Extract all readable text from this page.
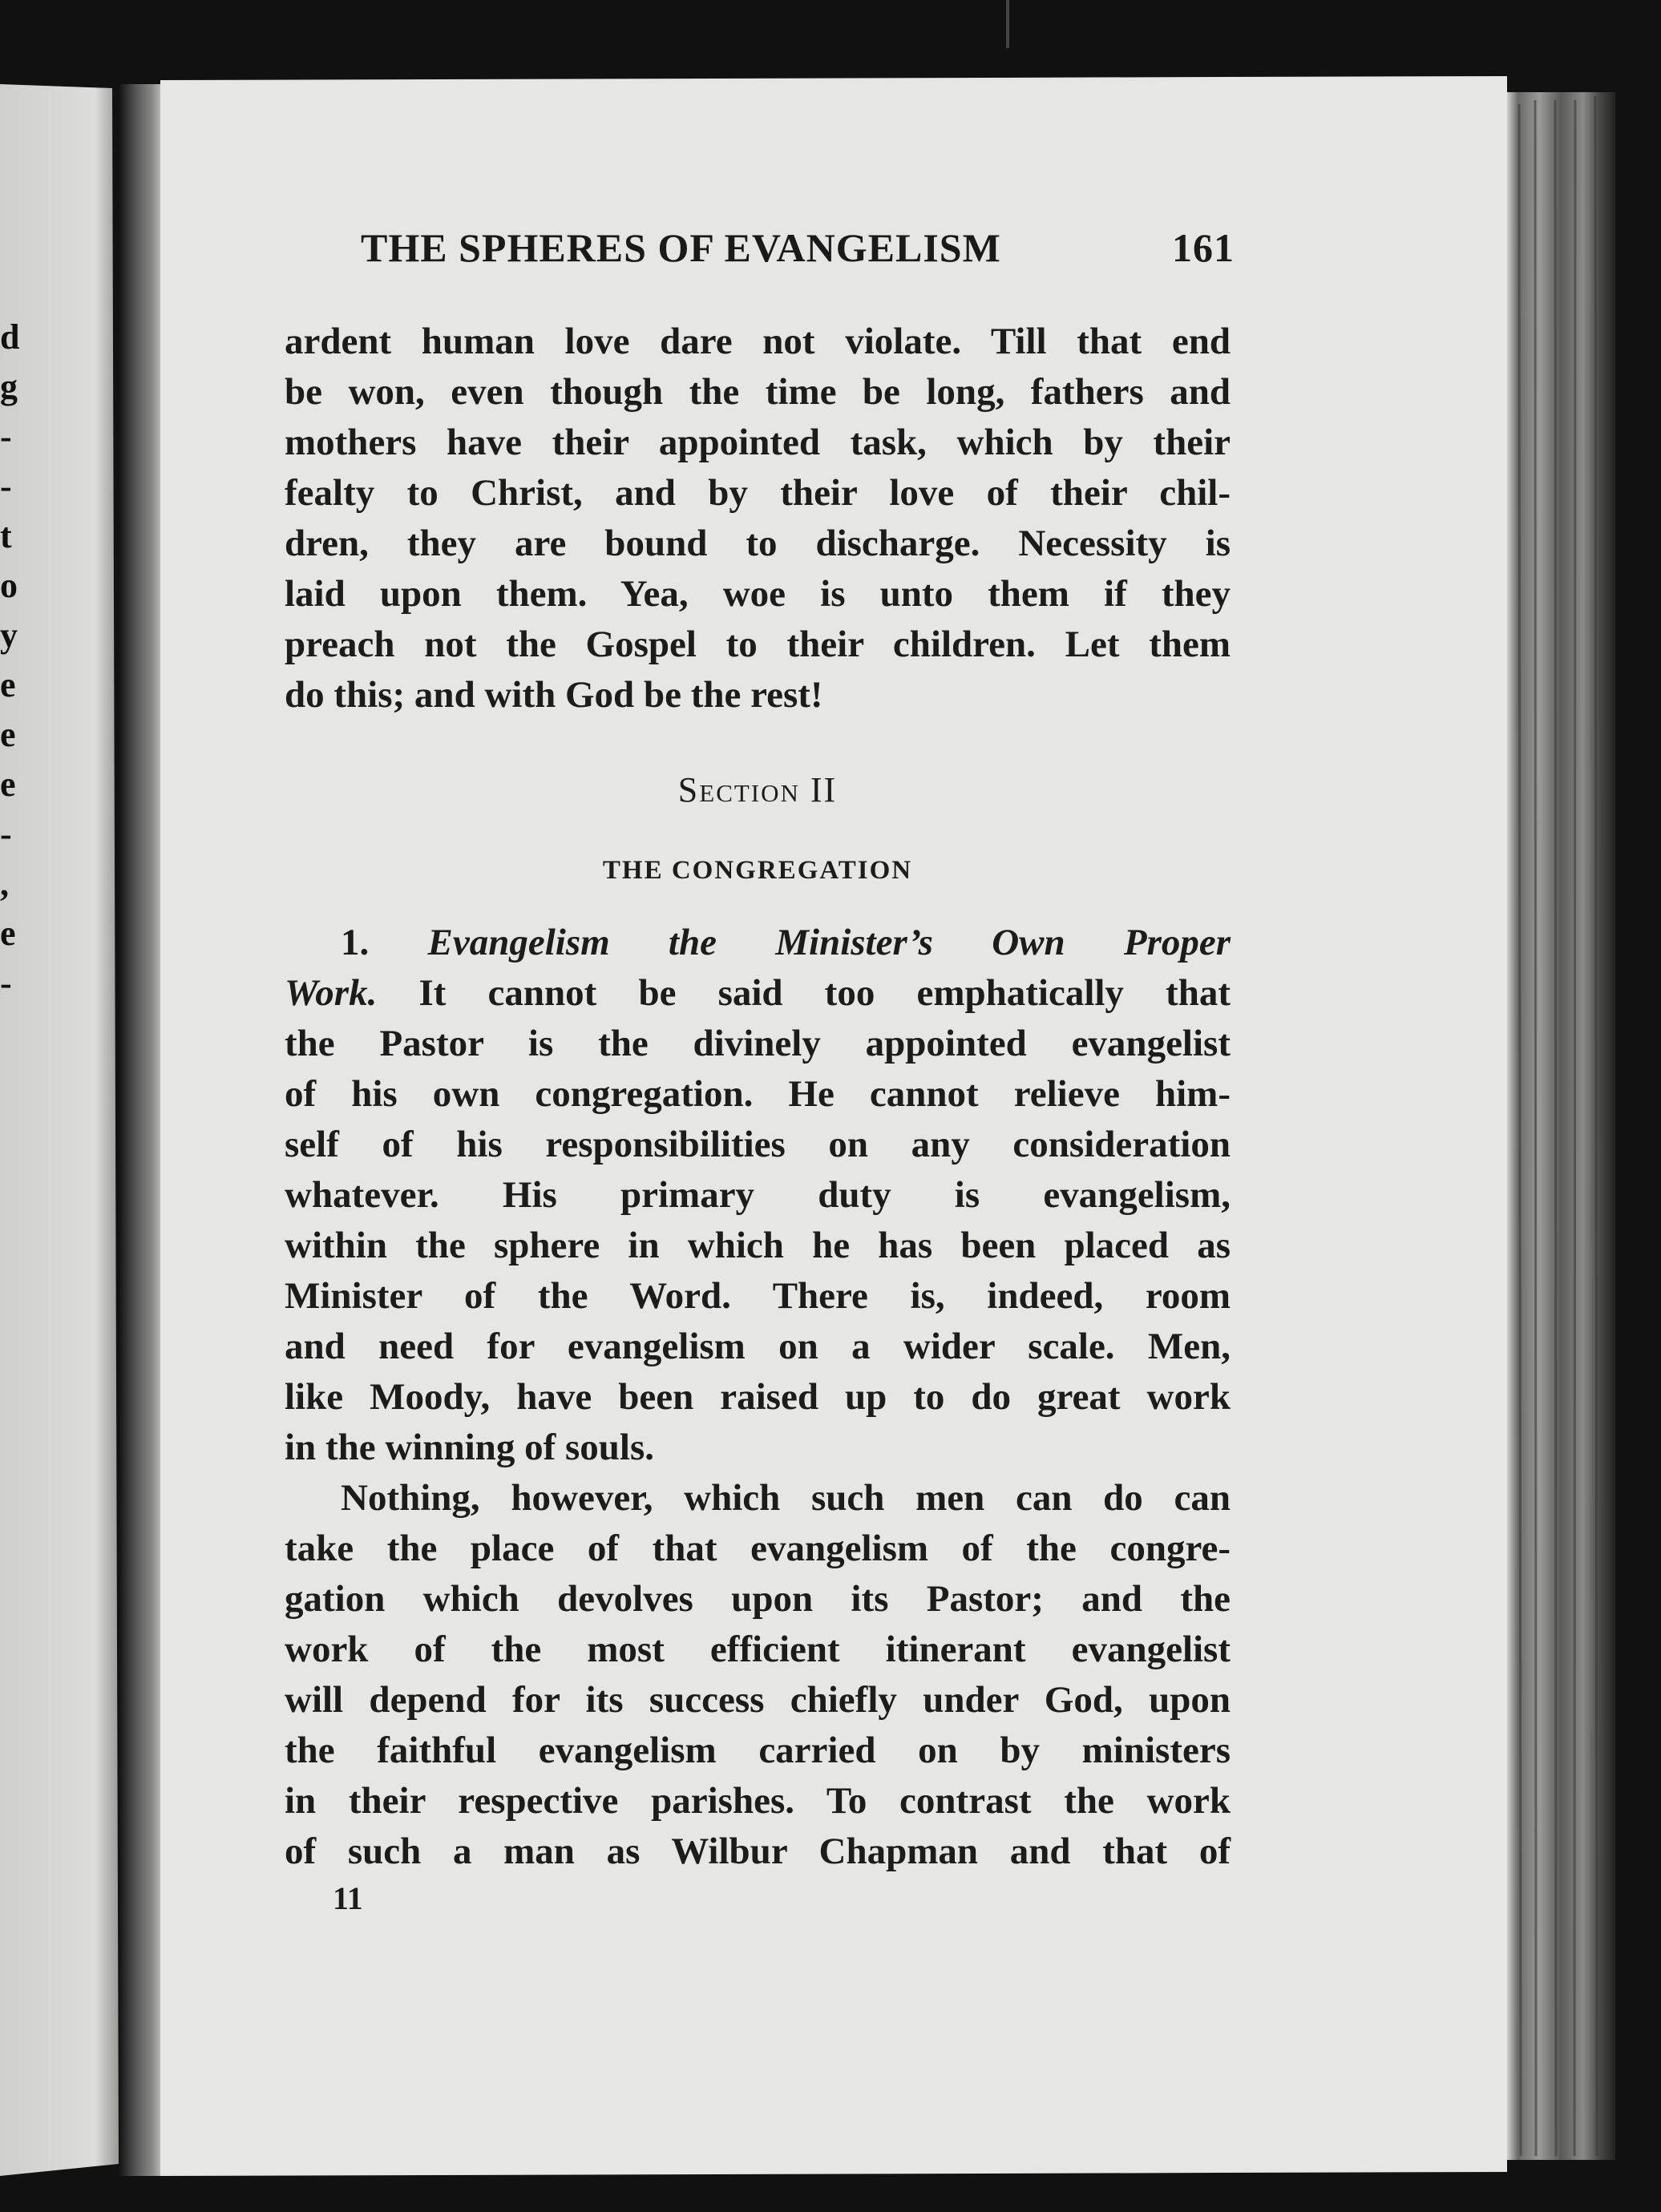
d
g
-
-
t
o
y
e
e
e
-
,
e
-
THE SPHERES OF EVANGELISM	161
ardent human love dare not violate. Till that end
be won, even though the time be long, fathers and
mothers have their appointed task, which by their
fealty to Christ, and by their love of their chil-
dren, they are bound to discharge. Necessity is
laid upon them. Yea, woe is unto them if they
preach not the Gospel to their children. Let them
do this; and with God be the rest!
Section II
THE CONGREGATION
1. Evangelism the Minister’s Own Proper
Work. It cannot be said too emphatically that
the Pastor is the divinely appointed evangelist
of his own congregation. He cannot relieve him-
self of his responsibilities on any consideration
whatever. His primary duty is evangelism,
within the sphere in which he has been placed as
Minister of the Word. There is, indeed, room
and need for evangelism on a wider scale. Men,
like Moody, have been raised up to do great work
in the winning of souls.
Nothing, however, which such men can do can
take the place of that evangelism of the congre-
gation which devolves upon its Pastor; and the
work of the most efficient itinerant evangelist
will depend for its success chiefly under God, upon
the faithful evangelism carried on by ministers
in their respective parishes. To contrast the work
of such a man as Wilbur Chapman and that of
11
